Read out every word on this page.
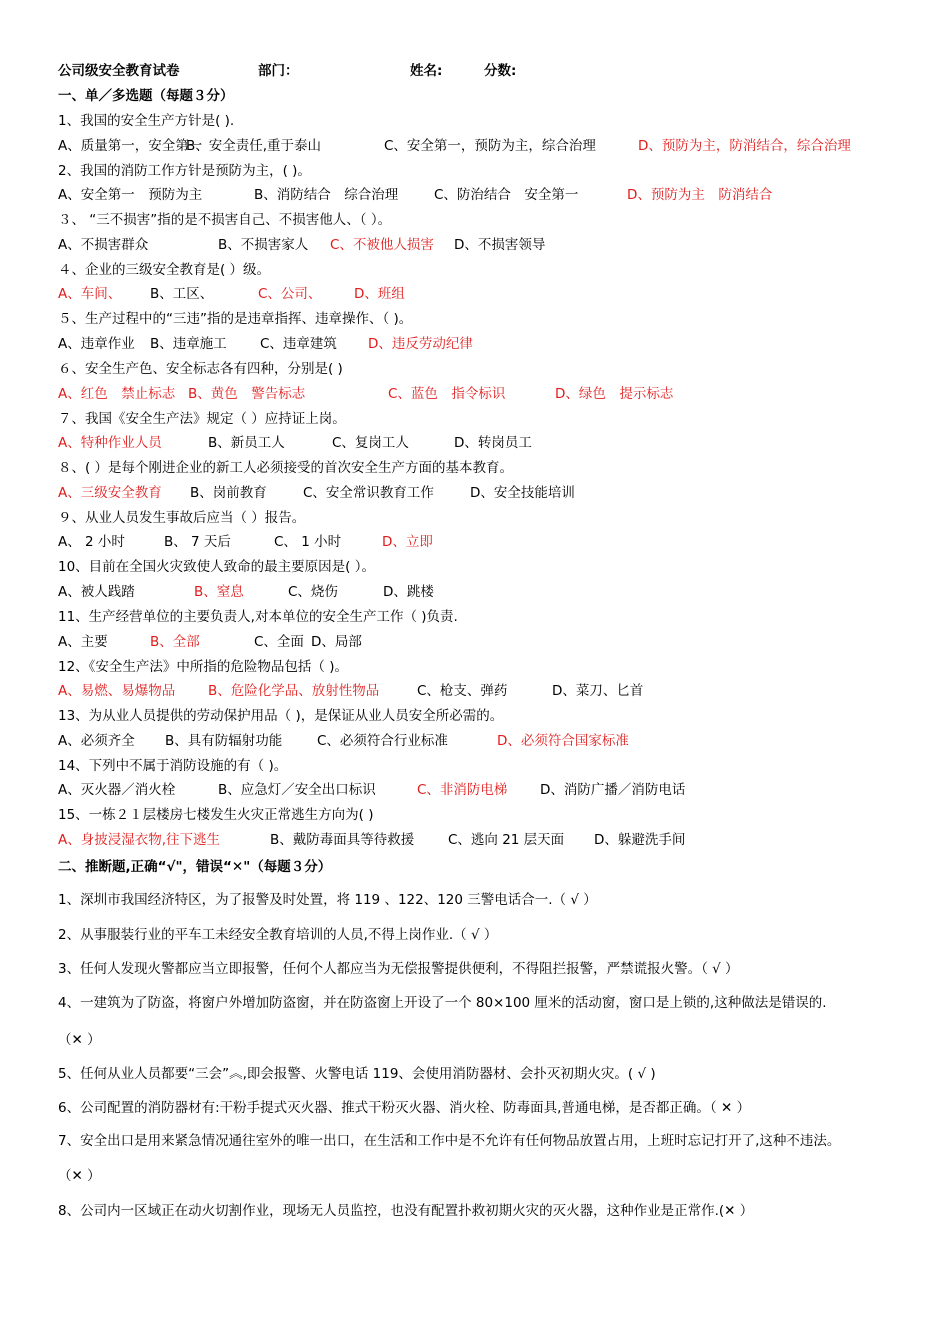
公司级安全教育试卷	部门：	姓名:	分数:
一、单／多选题（每题３分）
1、我国的安全生产方针是( ).
A、质量第一，安全第一
B、安全责任,重于泰山	C、安全第一，预防为主，综合治理	D、预防为主，防消结合，综合治理
2、我国的消防工作方针是预防为主，( )。
A、安全第一　预防为主	B、消防结合　综合治理	C、防治结合　安全第一	D、预防为主　防消结合
３、 “三不损害”指的是不损害自己、不损害他人、（ ）。
A、不损害群众	B、不损害家人 C、不被他人损害 D、不损害领导
４、企业的三级安全教育是( ）级。
A、车间、 B、工区、	C、公司、 D、班组
５、生产过程中的“三违”指的是违章指挥、违章操作、（ )。
A、违章作业 B、违章施工 C、违章建筑 D、违反劳动纪律
６、安全生产色、安全标志各有四种，分别是( )
A、红色　禁止标志 B、黄色　警告标志	C、蓝色　指令标识	D、绿色　提示标志
７、我国《安全生产法》规定（ ）应持证上岗。
A、特种作业人员	B、新员工人	C、复岗工人	D、转岗员工
８、( ）是每个刚进企业的新工人必须接受的首次安全生产方面的基本教育。
A、三级安全教育 B、岗前教育	C、安全常识教育工作	D、安全技能培训
９、从业人员发生事故后应当（ ）报告。
A、 2 小时	B、 7 天后	C、 1 小时	D、立即
10、目前在全国火灾致使人致命的最主要原因是( ）。
A、被人践踏	B、窒息	C、烧伤	D、跳楼
11、生产经营单位的主要负责人,对本单位的安全生产工作（ )负责.
A、主要	B、全部	C、全面 D、局部
12、《安全生产法》中所指的危险物品包括（ )。
A、易燃、易爆物品 B、危险化学品、放射性物品	C、枪支、弹药	D、菜刀、匕首
13、为从业人员提供的劳动保护用品（ )，是保证从业人员安全所必需的。
A、必须齐全 B、具有防辐射功能	C、必须符合行业标准	D、必须符合国家标准
14、下列中不属于消防设施的有（ )。
A、灭火器／消火栓	B、应急灯／安全出口标识	C、非消防电梯 D、消防广播／消防电话
15、一栋２１层楼房七楼发生火灾正常逃生方向为( )
A、身披浸湿衣物,往下逃生	B、戴防毒面具等待救援 C、逃向 21 层天面 D、躲避洗手间
1、深圳市我国经济特区，为了报警及时处置，将 119 、122、120 三警电话合一.（ √ ）
2、从事服装行业的平车工未经安全教育培训的人员,不得上岗作业.（ √ ）
3、任何人发现火警都应当立即报警，任何个人都应当为无偿报警提供便利，不得阻拦报警，严禁谎报火警。（ √ ）
4、一建筑为了防盗，将窗户外增加防盗窗，并在防盗窗上开设了一个 80×100 厘米的活动窗，窗口是上锁的,这种做法是错误的.
（✕ ）
5、任何从业人员都要“三会”︽,即会报警、火警电话 119、会使用消防器材、会扑灭初期火灾。( √ )
6、公司配置的消防器材有:干粉手提式灭火器、推式干粉灭火器、消火栓、防毒面具,普通电梯，是否都正确。（ ✕ ）
7、安全出口是用来紧急情况通往室外的唯一出口，在生活和工作中是不允许有任何物品放置占用，上班时忘记打开了,这种不违法。
（✕ ）
8、公司内一区域正在动火切割作业，现场无人员监控，也没有配置扑救初期火灾的灭火器，这种作业是正常作.(✕ ）
二、推断题,正确“√"，错误“✕"（每题３分）
